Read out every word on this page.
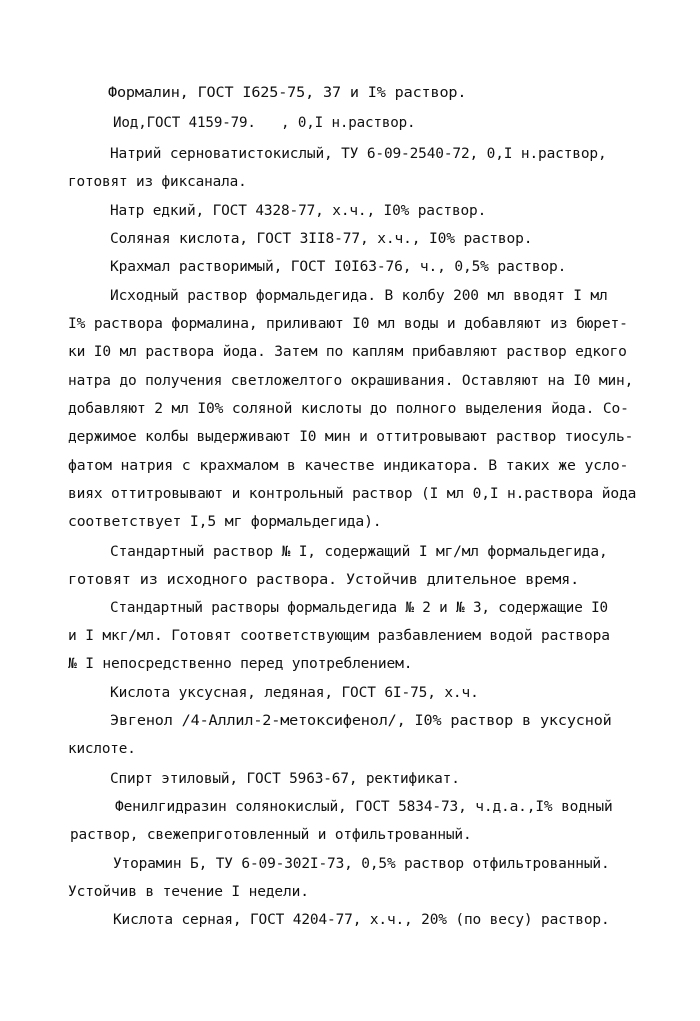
Формалин, ГОСТ I625-75, 37 и I% раствор.
Иод,ГОСТ 4159-79.   , 0,I н.раствор.
Натрий серноватистокислый, ТУ 6-09-2540-72, 0,I н.раствор,
готовят из фиксанала.
Натр едкий, ГОСТ 4328-77, х.ч., I0% раствор.
Соляная кислота, ГОСТ 3II8-77, х.ч., I0% раствор.
Крахмал растворимый, ГОСТ I0I63-76, ч., 0,5% раствор.
Исходный раствор формальдегида. В колбу 200 мл вводят I мл
I% раствора формалина, приливают I0 мл воды и добавляют из бюрет-
ки I0 мл раствора йода. Затем по каплям прибавляют раствор едкого
натра до получения светложелтого окрашивания. Оставляют на I0 мин,
добавляют 2 мл I0% соляной кислоты до полного выделения йода. Со-
держимое колбы выдерживают I0 мин и оттитровывают раствор тиосуль-
фатом натрия с крахмалом в качестве индикатора. В таких же усло-
виях оттитровывают и контрольный раствор (I мл 0,I н.раствора йода
соответствует I,5 мг формальдегида).
Стандартный раствор № I, содержащий I мг/мл формальдегида,
готовят из исходного раствора. Устойчив длительное время.
Стандартный растворы формальдегида № 2 и № 3, содержащие I0
и I мкг/мл. Готовят соответствующим разбавлением водой раствора
№ I непосредственно перед употреблением.
Кислота уксусная, ледяная, ГОСТ 6I-75, х.ч.
Эвгенол /4-Аллил-2-метоксифенол/, I0% раствор в уксусной
кислоте.
Спирт этиловый, ГОСТ 5963-67, ректификат.
Фенилгидразин солянокислый, ГОСТ 5834-73, ч.д.а.,I% водный
раствор, свежеприготовленный и отфильтрованный.
Уторамин Б, ТУ 6-09-302I-73, 0,5% раствор отфильтрованный.
Устойчив в течение I недели.
Кислота серная, ГОСТ 4204-77, х.ч., 20% (по весу) раствор.
